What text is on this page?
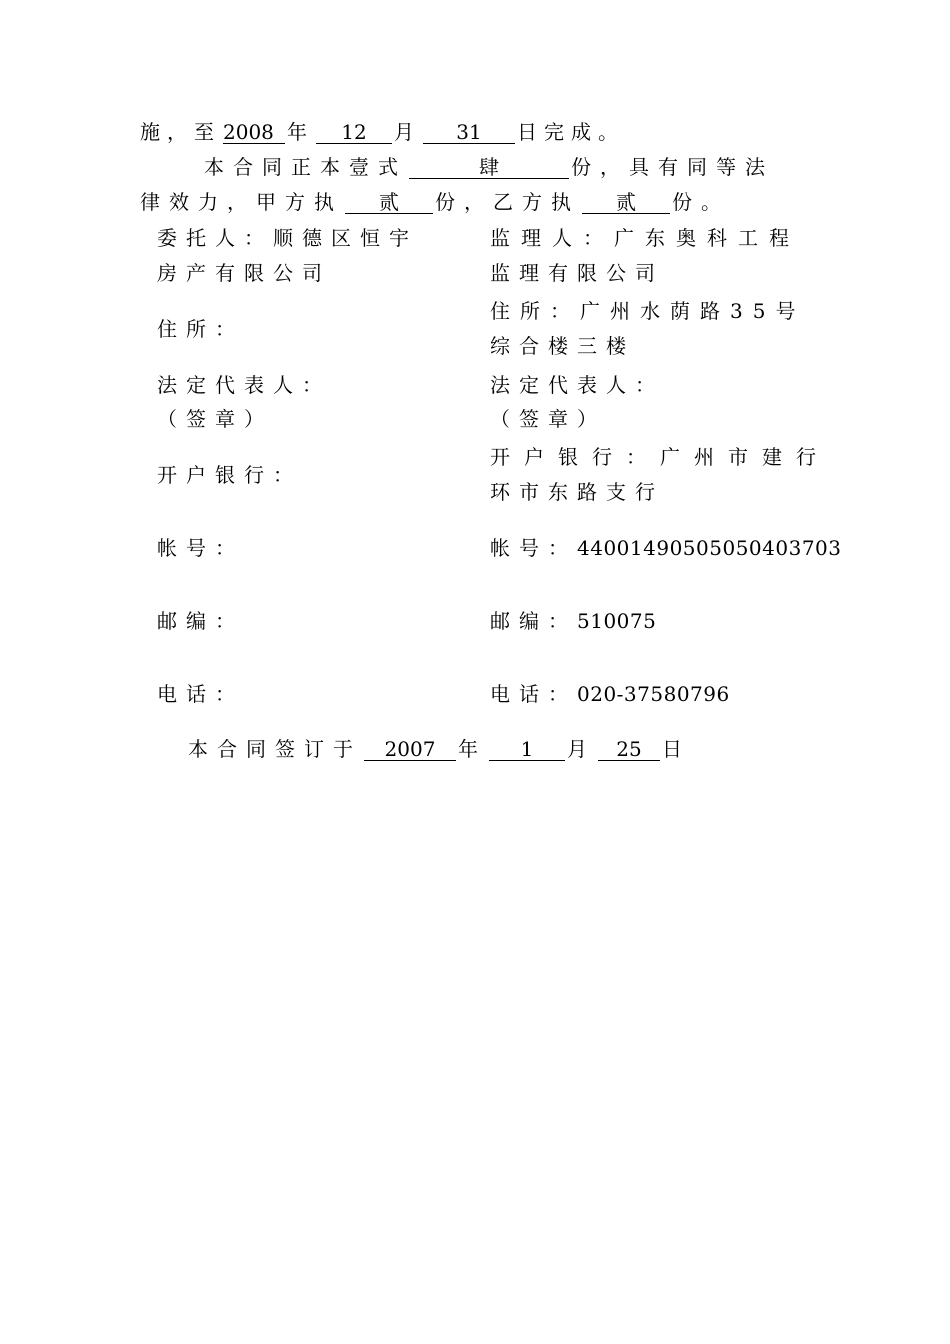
施，至 2008 年 12 月 31 日完成。
本合同正本壹式	肆	份，具有同等法
律效力，甲方执 贰 份，乙方执 贰 份。
委托人：顺德区恒宇
房产有限公司
住所：
法定代表人：
（签章）
开户银行：
帐号：
邮编：
电话：
监理人：广东奥科工程
监理有限公司
住所：广州水荫路35号
综合楼三楼
法定代表人：
（签章）
开户银行：广州市建行
环市东路支行
帐号：44001490505050403703
邮编：510075
电话：020-37580796
本合同签订于 2007 年 1 月 25 日
